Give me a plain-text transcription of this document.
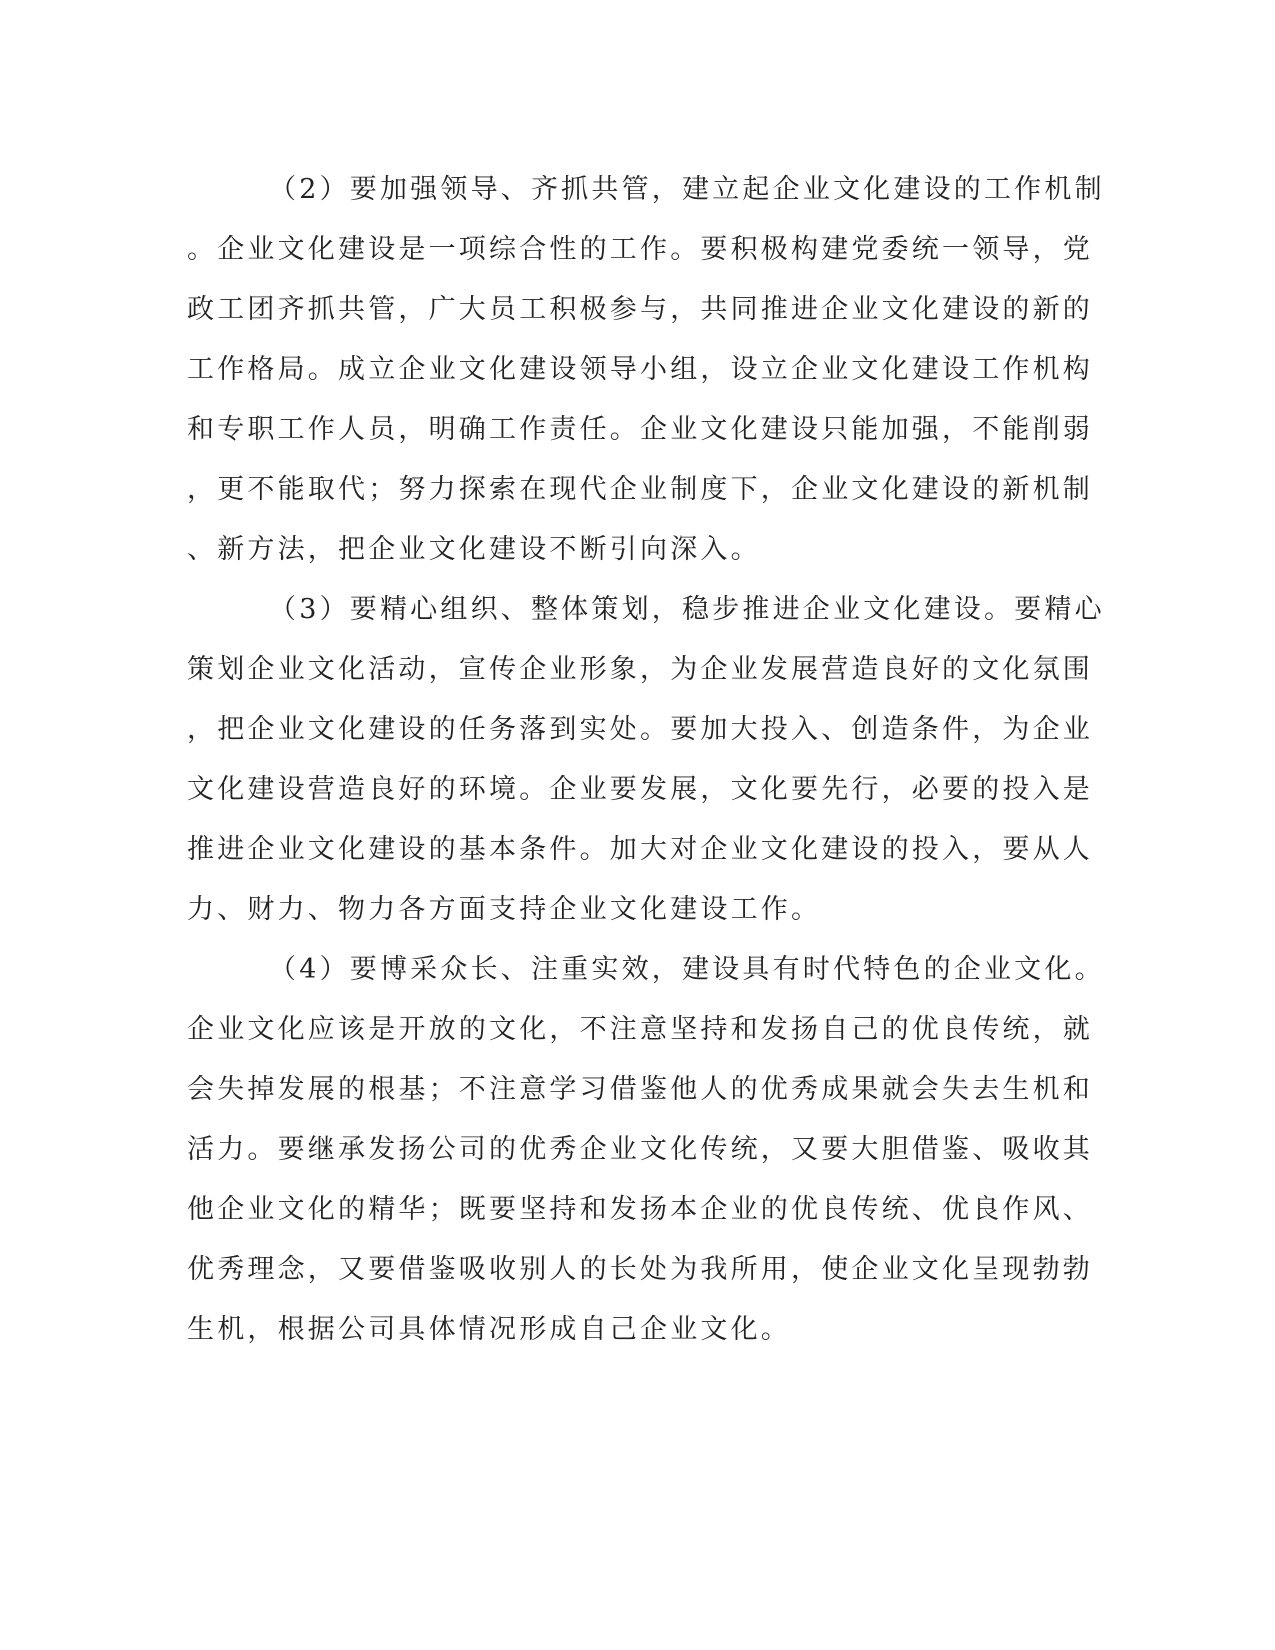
（2）要加强领导、齐抓共管，建立起企业文化建设的工作机制
。企业文化建设是一项综合性的工作。要积极构建党委统一领导，党
政工团齐抓共管，广大员工积极参与，共同推进企业文化建设的新的
工作格局。成立企业文化建设领导小组，设立企业文化建设工作机构
和专职工作人员，明确工作责任。企业文化建设只能加强，不能削弱
，更不能取代；努力探索在现代企业制度下，企业文化建设的新机制
、新方法，把企业文化建设不断引向深入。
（3）要精心组织、整体策划，稳步推进企业文化建设。要精心
策划企业文化活动，宣传企业形象，为企业发展营造良好的文化氛围
，把企业文化建设的任务落到实处。要加大投入、创造条件，为企业
文化建设营造良好的环境。企业要发展，文化要先行，必要的投入是
推进企业文化建设的基本条件。加大对企业文化建设的投入，要从人
力、财力、物力各方面支持企业文化建设工作。
（4）要博采众长、注重实效，建设具有时代特色的企业文化。
企业文化应该是开放的文化，不注意坚持和发扬自己的优良传统，就
会失掉发展的根基；不注意学习借鉴他人的优秀成果就会失去生机和
活力。要继承发扬公司的优秀企业文化传统，又要大胆借鉴、吸收其
他企业文化的精华；既要坚持和发扬本企业的优良传统、优良作风、
优秀理念，又要借鉴吸收别人的长处为我所用，使企业文化呈现勃勃
生机，根据公司具体情况形成自己企业文化。
